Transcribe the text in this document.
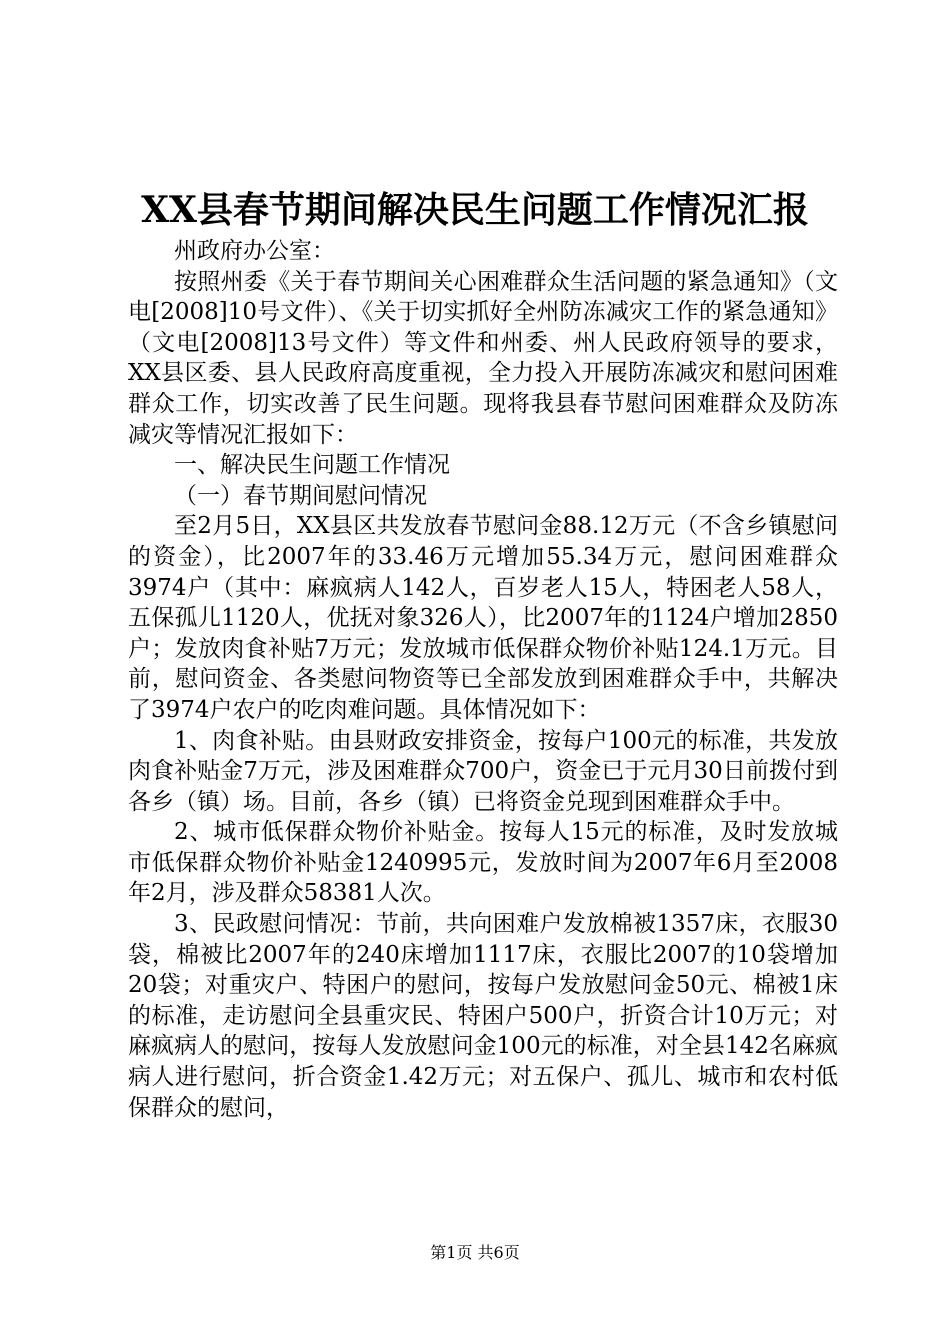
XX县春节期间解决民生问题工作情况汇报

州政府办公室：

按照州委《关于春节期间关心困难群众生活问题的紧急通知》（文电[2008]10号文件）、《关于切实抓好全州防冻减灾工作的紧急通知》（文电[2008]13号文件）等文件和州委、州人民政府领导的要求，XX县区委、县人民政府高度重视，全力投入开展防冻减灾和慰问困难群众工作，切实改善了民生问题。现将我县春节慰问困难群众及防冻减灾等情况汇报如下：

一、解决民生问题工作情况

（一）春节期间慰问情况

至2月5日，XX县区共发放春节慰问金88.12万元（不含乡镇慰问的资金），比2007年的33.46万元增加55.34万元，慰问困难群众3974户（其中：麻疯病人142人，百岁老人15人，特困老人58人，五保孤儿1120人，优抚对象326人），比2007年的1124户增加2850户；发放肉食补贴7万元；发放城市低保群众物价补贴124.1万元。目前，慰问资金、各类慰问物资等已全部发放到困难群众手中，共解决了3974户农户的吃肉难问题。具体情况如下：

1、肉食补贴。由县财政安排资金，按每户100元的标准，共发放肉食补贴金7万元，涉及困难群众700户，资金已于元月30日前拨付到各乡（镇）场。目前，各乡（镇）已将资金兑现到困难群众手中。

2、城市低保群众物价补贴金。按每人15元的标准，及时发放城市低保群众物价补贴金1240995元，发放时间为2007年6月至2008年2月，涉及群众58381人次。

3、民政慰问情况：节前，共向困难户发放棉被1357床，衣服30袋，棉被比2007年的240床增加1117床，衣服比2007的10袋增加20袋；对重灾户、特困户的慰问，按每户发放慰问金50元、棉被1床的标准，走访慰问全县重灾民、特困户500户，折资合计10万元；对麻疯病人的慰问，按每人发放慰问金100元的标准，对全县142名麻疯病人进行慰问，折合资金1.42万元；对五保户、孤儿、城市和农村低保群众的慰问，

第1页 共6页
